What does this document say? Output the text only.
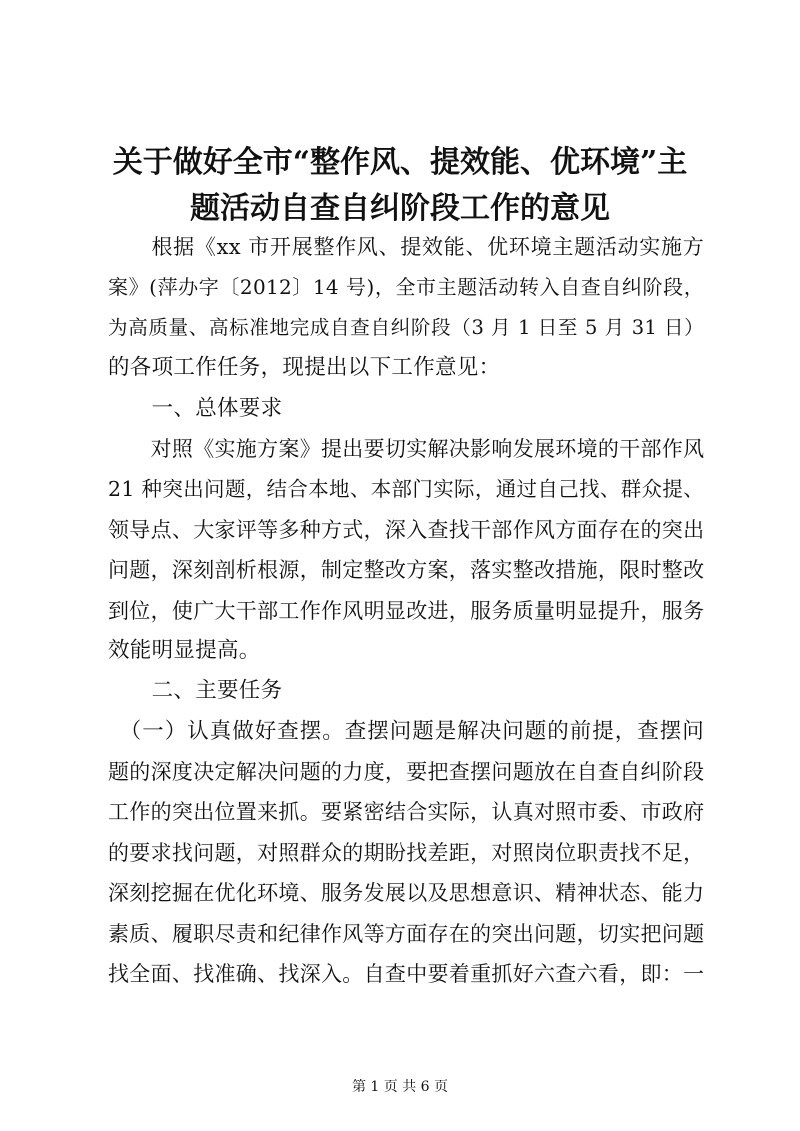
关于做好全市“整作风、提效能、优环境”主
题活动自查自纠阶段工作的意见
　　根据《xx 市开展整作风、提效能、优环境主题活动实施方
案》(萍办字〔2012〕14 号)，全市主题活动转入自查自纠阶段，
为高质量、高标准地完成自查自纠阶段（3 月 1 日至 5 月 31 日）
的各项工作任务，现提出以下工作意见：
　　一、总体要求
　　对照《实施方案》提出要切实解决影响发展环境的干部作风
21 种突出问题，结合本地、本部门实际，通过自己找、群众提、
领导点、大家评等多种方式，深入查找干部作风方面存在的突出
问题，深刻剖析根源，制定整改方案，落实整改措施，限时整改
到位，使广大干部工作作风明显改进，服务质量明显提升，服务
效能明显提高。
　　二、主要任务
　（一）认真做好查摆。查摆问题是解决问题的前提，查摆问
题的深度决定解决问题的力度，要把查摆问题放在自查自纠阶段
工作的突出位置来抓。要紧密结合实际，认真对照市委、市政府
的要求找问题，对照群众的期盼找差距，对照岗位职责找不足，
深刻挖掘在优化环境、服务发展以及思想意识、精神状态、能力
素质、履职尽责和纪律作风等方面存在的突出问题，切实把问题
找全面、找准确、找深入。自查中要着重抓好六查六看，即：一
第 1 页 共 6 页
